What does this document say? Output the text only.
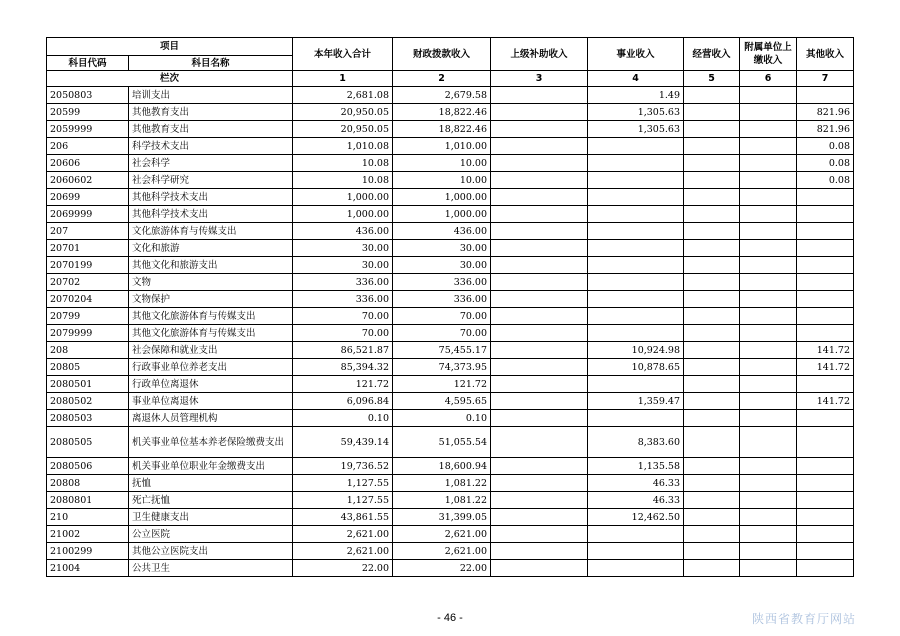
项目		本年收入合计	财政拨款收入	上级补助收入	事业收入	经营收入	附属单位上缴收入	其他收入
科目代码	科目名称							
栏次		1	2	3	4	5	6	7
2050803	培训支出	2,681.08	2,679.58		1.49			
20599	其他教育支出	20,950.05	18,822.46		1,305.63			821.96
2059999	其他教育支出	20,950.05	18,822.46		1,305.63			821.96
206	科学技术支出	1,010.08	1,010.00					0.08
20606	社会科学	10.08	10.00					0.08
2060602	社会科学研究	10.08	10.00					0.08
20699	其他科学技术支出	1,000.00	1,000.00					
2069999	其他科学技术支出	1,000.00	1,000.00					
207	文化旅游体育与传媒支出	436.00	436.00					
20701	文化和旅游	30.00	30.00					
2070199	其他文化和旅游支出	30.00	30.00					
20702	文物	336.00	336.00					
2070204	文物保护	336.00	336.00					
20799	其他文化旅游体育与传媒支出	70.00	70.00					
2079999	其他文化旅游体育与传媒支出	70.00	70.00					
208	社会保障和就业支出	86,521.87	75,455.17		10,924.98			141.72
20805	行政事业单位养老支出	85,394.32	74,373.95		10,878.65			141.72
2080501	行政单位离退休	121.72	121.72					
2080502	事业单位离退休	6,096.84	4,595.65		1,359.47			141.72
2080503	离退休人员管理机构	0.10	0.10					
2080505	机关事业单位基本养老保险缴费支出	59,439.14	51,055.54		8,383.60			
2080506	机关事业单位职业年金缴费支出	19,736.52	18,600.94		1,135.58			
20808	抚恤	1,127.55	1,081.22		46.33			
2080801	死亡抚恤	1,127.55	1,081.22		46.33			
210	卫生健康支出	43,861.55	31,399.05		12,462.50			
21002	公立医院	2,621.00	2,621.00					
2100299	其他公立医院支出	2,621.00	2,621.00					
21004	公共卫生	22.00	22.00					
- 46 -	陕西省教育厅网站
